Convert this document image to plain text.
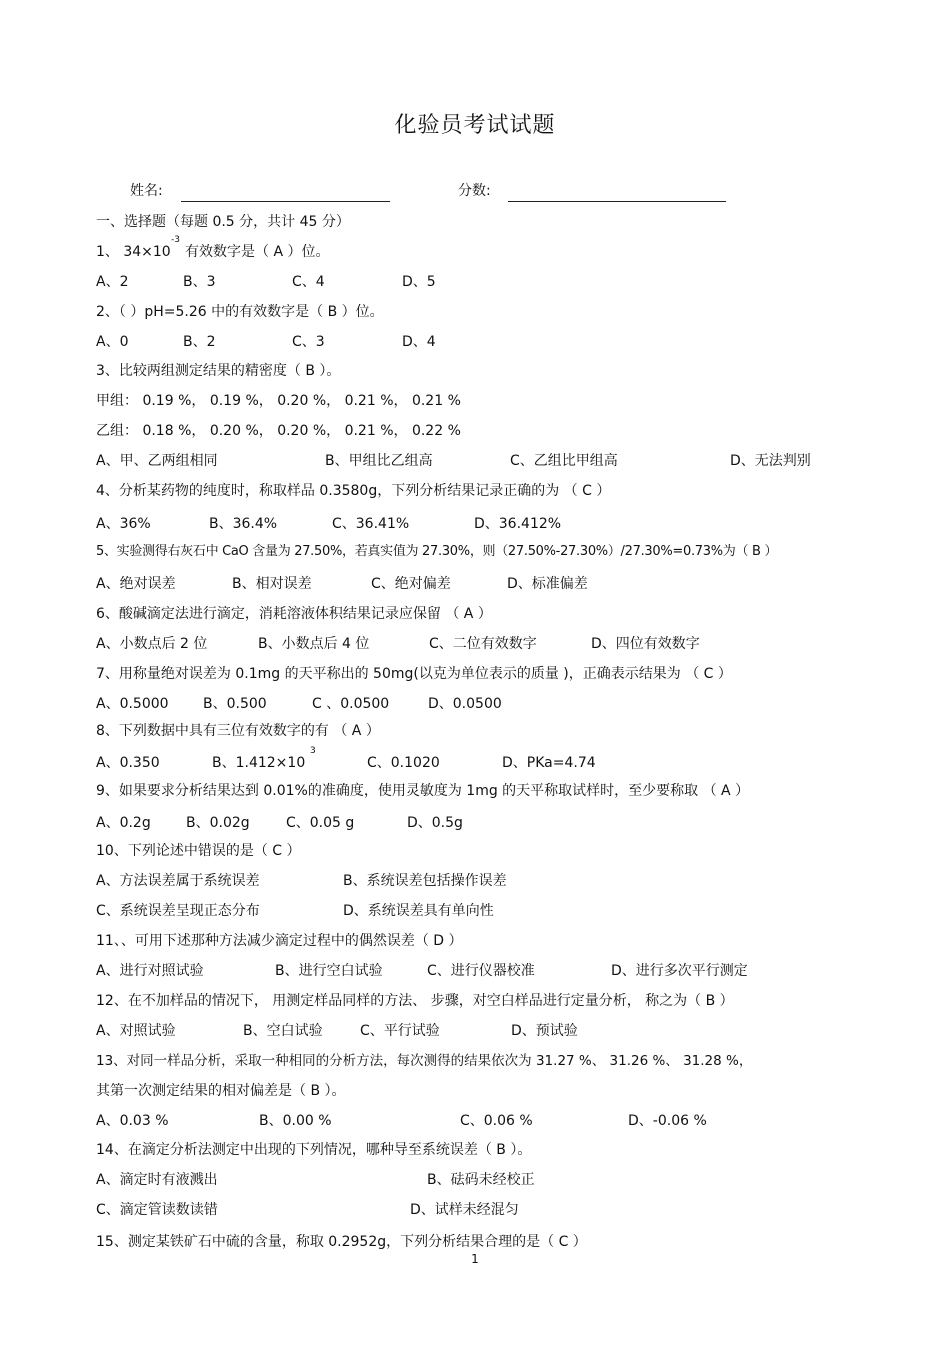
化验员考试试题
姓名:	分数:
一、选择题（每题 0.5 分，共计 45 分）
1、 34×10
-3
有效数字是（ A ）位。
A、2	B、3	C、4	D、5
2、（ ）pH=5.26 中的有效数字是（ B ）位。
A、0	B、2	C、3	D、4
3、比较两组测定结果的精密度（ B ）。
甲组： 0.19 %， 0.19 %， 0.20 %， 0.21 %， 0.21 %
乙组： 0.18 %， 0.20 %， 0.20 %， 0.21 %， 0.22 %
A、甲、乙两组相同	B、甲组比乙组高	C、乙组比甲组高	D、无法判别
4、分析某药物的纯度时，称取样品 0.3580g，下列分析结果记录正确的为 （ C ）
A、36%	B、36.4%	C、36.41%	D、36.412%
5、实验测得右灰石中 CaO 含量为 27.50%，若真实值为 27.30%，则（27.50%-27.30%）/27.30%=0.73%为（ B ）
A、绝对误差	B、相对误差	C、绝对偏差	D、标准偏差
6、酸碱滴定法进行滴定，消耗溶液体积结果记录应保留 （ A ）
A、小数点后 2 位	B、小数点后 4 位	C、二位有效数字	D、四位有效数字
7、用称量绝对误差为 0.1mg 的天平称出的 50mg(以克为单位表示的质量 )，正确表示结果为 （ C ）
A、0.5000 B、0.500	C 、0.0500	D、0.0500
8、下列数据中具有三位有效数字的有 （ A ）
A、0.350	B、1.412×10
3
C、0.1020	D、PKa=4.74
9、如果要求分析结果达到 0.01%的准确度，使用灵敏度为 1mg 的天平称取试样时，至少要称取 （ A ）
A、0.2g	B、0.02g	C、0.05 g	D、0.5g
10、下列论述中错误的是（ C ）
A、方法误差属于系统误差	B、系统误差包括操作误差
C、系统误差呈现正态分布	D、系统误差具有单向性
11、、可用下述那种方法减少滴定过程中的偶然误差（ D ）
A、进行对照试验	B、进行空白试验	C、进行仪器校准	D、进行多次平行测定
12、在不加样品的情况下， 用测定样品同样的方法、 步骤，对空白样品进行定量分析， 称之为（ B ）
A、对照试验	B、空白试验	C、平行试验	D、预试验
13、对同一样品分析，采取一种相同的分析方法，每次测得的结果依次为 31.27 %、 31.26 %、 31.28 %，
其第一次测定结果的相对偏差是（ B ）。
A、0.03 %	B、0.00 %	C、0.06 %	D、-0.06 %
14、在滴定分析法测定中出现的下列情况，哪种导至系统误差（ B ）。
A、滴定时有液溅出	B、砝码未经校正
C、滴定管读数读错	D、试样未经混匀
15、测定某铁矿石中硫的含量，称取 0.2952g，下列分析结果合理的是（ C ）
1
